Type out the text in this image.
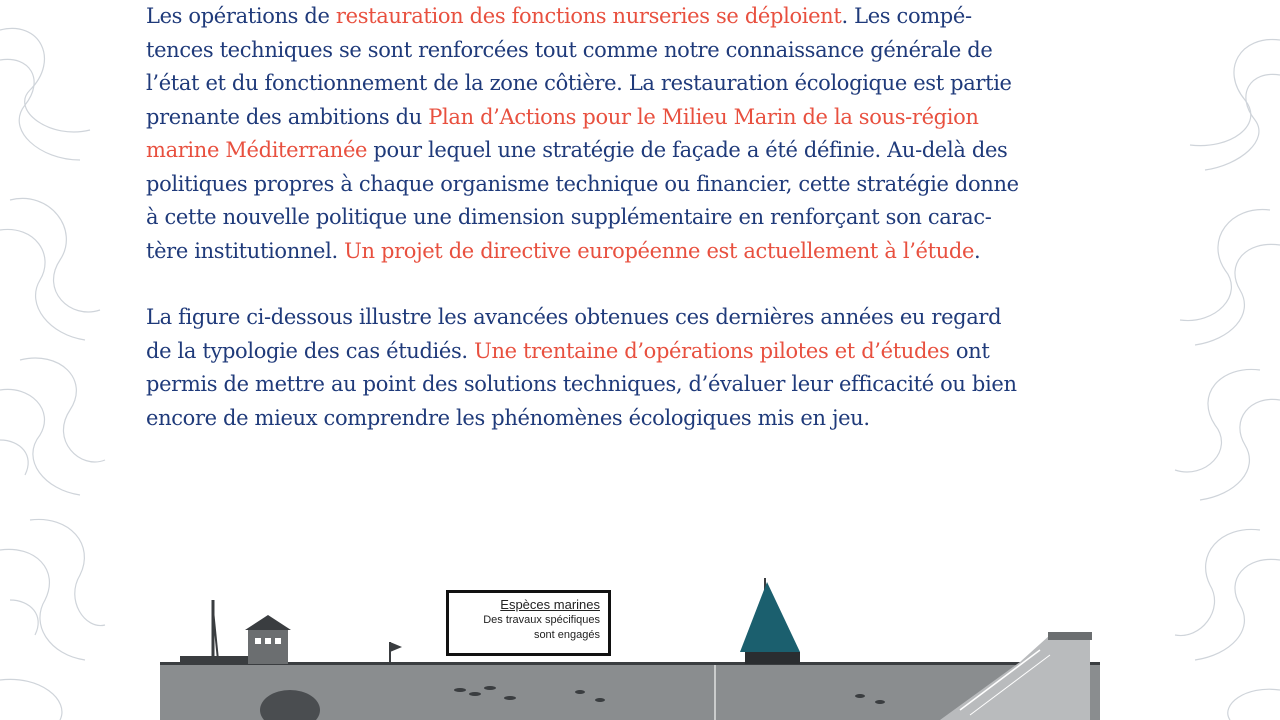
Les opérations de restauration des fonctions nurseries se déploient. Les compé-
tences techniques se sont renforcées tout comme notre connaissance générale de
l’état et du fonctionnement de la zone côtière. La restauration écologique est partie
prenante des ambitions du Plan d’Actions pour le Milieu Marin de la sous-région
marine Méditerranée pour lequel une stratégie de façade a été définie. Au-delà des
politiques propres à chaque organisme technique ou financier, cette stratégie donne
à cette nouvelle politique une dimension supplémentaire en renforçant son carac-
tère institutionnel. Un projet de directive européenne est actuellement à l’étude.

La figure ci-dessous illustre les avancées obtenues ces dernières années eu regard
de la typologie des cas étudiés. Une trentaine d’opérations pilotes et d’études ont
permis de mettre au point des solutions techniques, d’évaluer leur efficacité ou bien
encore de mieux comprendre les phénomènes écologiques mis en jeu.

Espèces marines
Des travaux spécifiques
sont engagés
